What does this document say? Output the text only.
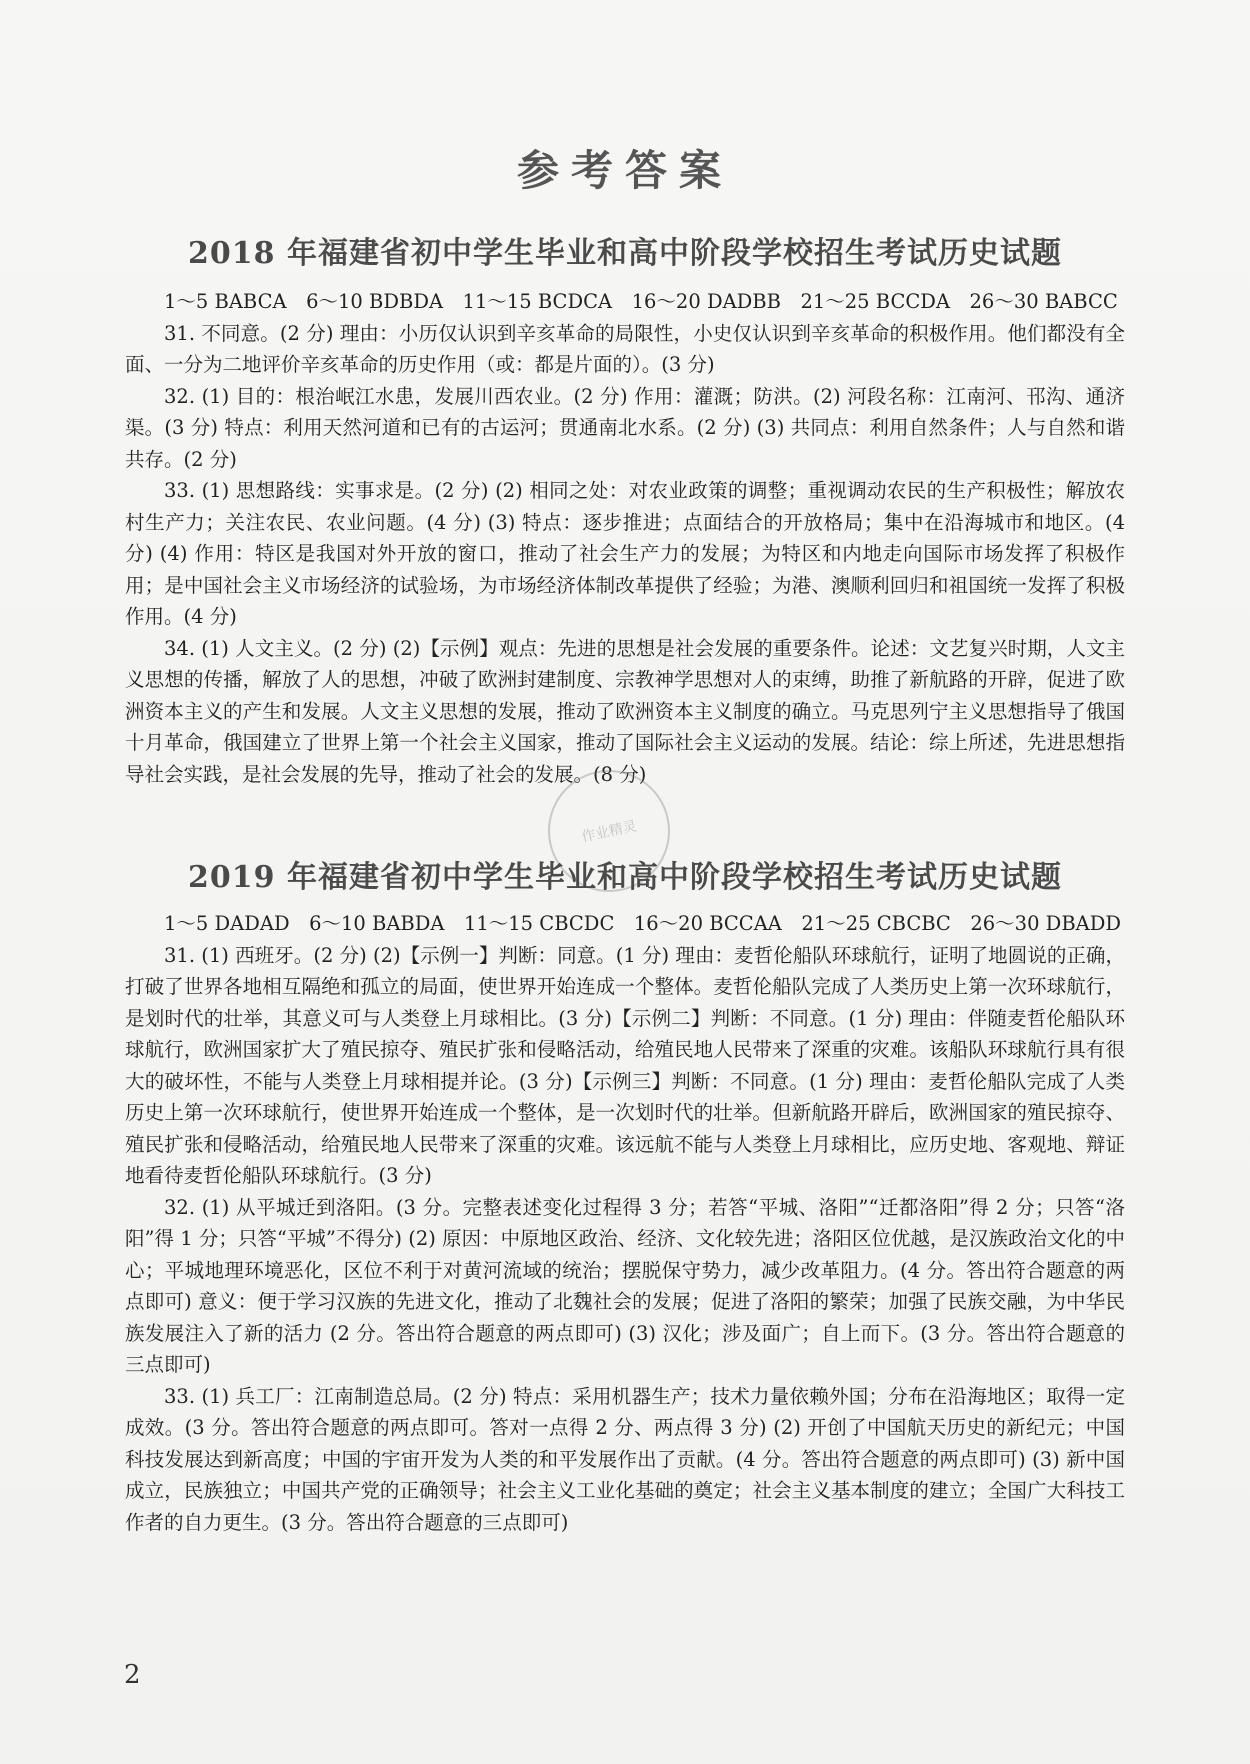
参考答案
2018 年福建省初中学生毕业和高中阶段学校招生考试历史试题

1～5 BABCA　6～10 BDBDA　11～15 BCDCA　16～20 DADBB　21～25 BCCDA　26～30 BABCC

31. 不同意。(2 分) 理由：小历仅认识到辛亥革命的局限性，小史仅认识到辛亥革命的积极作用。他们都没有全面、一分为二地评价辛亥革命的历史作用（或：都是片面的）。(3 分)

32. (1) 目的：根治岷江水患，发展川西农业。(2 分) 作用：灌溉；防洪。(2) 河段名称：江南河、邗沟、通济渠。(3 分) 特点：利用天然河道和已有的古运河；贯通南北水系。(2 分) (3) 共同点：利用自然条件；人与自然和谐共存。(2 分)

33. (1) 思想路线：实事求是。(2 分) (2) 相同之处：对农业政策的调整；重视调动农民的生产积极性；解放农村生产力；关注农民、农业问题。(4 分) (3) 特点：逐步推进；点面结合的开放格局；集中在沿海城市和地区。(4 分) (4) 作用：特区是我国对外开放的窗口，推动了社会生产力的发展；为特区和内地走向国际市场发挥了积极作用；是中国社会主义市场经济的试验场，为市场经济体制改革提供了经验；为港、澳顺利回归和祖国统一发挥了积极作用。(4 分)

34. (1) 人文主义。(2 分) (2)【示例】观点：先进的思想是社会发展的重要条件。论述：文艺复兴时期，人文主义思想的传播，解放了人的思想，冲破了欧洲封建制度、宗教神学思想对人的束缚，助推了新航路的开辟，促进了欧洲资本主义的产生和发展。人文主义思想的发展，推动了欧洲资本主义制度的确立。马克思列宁主义思想指导了俄国十月革命，俄国建立了世界上第一个社会主义国家，推动了国际社会主义运动的发展。结论：综上所述，先进思想指导社会实践，是社会发展的先导，推动了社会的发展。(8 分)

作业精灵
2019 年福建省初中学生毕业和高中阶段学校招生考试历史试题

1～5 DADAD　6～10 BABDA　11～15 CBCDC　16～20 BCCAA　21～25 CBCBC　26～30 DBADD

31. (1) 西班牙。(2 分) (2)【示例一】判断：同意。(1 分) 理由：麦哲伦船队环球航行，证明了地圆说的正确，打破了世界各地相互隔绝和孤立的局面，使世界开始连成一个整体。麦哲伦船队完成了人类历史上第一次环球航行，是划时代的壮举，其意义可与人类登上月球相比。(3 分)【示例二】判断：不同意。(1 分) 理由：伴随麦哲伦船队环球航行，欧洲国家扩大了殖民掠夺、殖民扩张和侵略活动，给殖民地人民带来了深重的灾难。该船队环球航行具有很大的破坏性，不能与人类登上月球相提并论。(3 分)【示例三】判断：不同意。(1 分) 理由：麦哲伦船队完成了人类历史上第一次环球航行，使世界开始连成一个整体，是一次划时代的壮举。但新航路开辟后，欧洲国家的殖民掠夺、殖民扩张和侵略活动，给殖民地人民带来了深重的灾难。该远航不能与人类登上月球相比，应历史地、客观地、辩证地看待麦哲伦船队环球航行。(3 分)

32. (1) 从平城迁到洛阳。(3 分。完整表述变化过程得 3 分；若答“平城、洛阳”“迁都洛阳”得 2 分；只答“洛阳”得 1 分；只答“平城”不得分) (2) 原因：中原地区政治、经济、文化较先进；洛阳区位优越，是汉族政治文化的中心；平城地理环境恶化，区位不利于对黄河流域的统治；摆脱保守势力，减少改革阻力。(4 分。答出符合题意的两点即可) 意义：便于学习汉族的先进文化，推动了北魏社会的发展；促进了洛阳的繁荣；加强了民族交融，为中华民族发展注入了新的活力 (2 分。答出符合题意的两点即可) (3) 汉化；涉及面广；自上而下。(3 分。答出符合题意的三点即可)

33. (1) 兵工厂：江南制造总局。(2 分) 特点：采用机器生产；技术力量依赖外国；分布在沿海地区；取得一定成效。(3 分。答出符合题意的两点即可。答对一点得 2 分、两点得 3 分) (2) 开创了中国航天历史的新纪元；中国科技发展达到新高度；中国的宇宙开发为人类的和平发展作出了贡献。(4 分。答出符合题意的两点即可) (3) 新中国成立，民族独立；中国共产党的正确领导；社会主义工业化基础的奠定；社会主义基本制度的建立；全国广大科技工作者的自力更生。(3 分。答出符合题意的三点即可)

2
